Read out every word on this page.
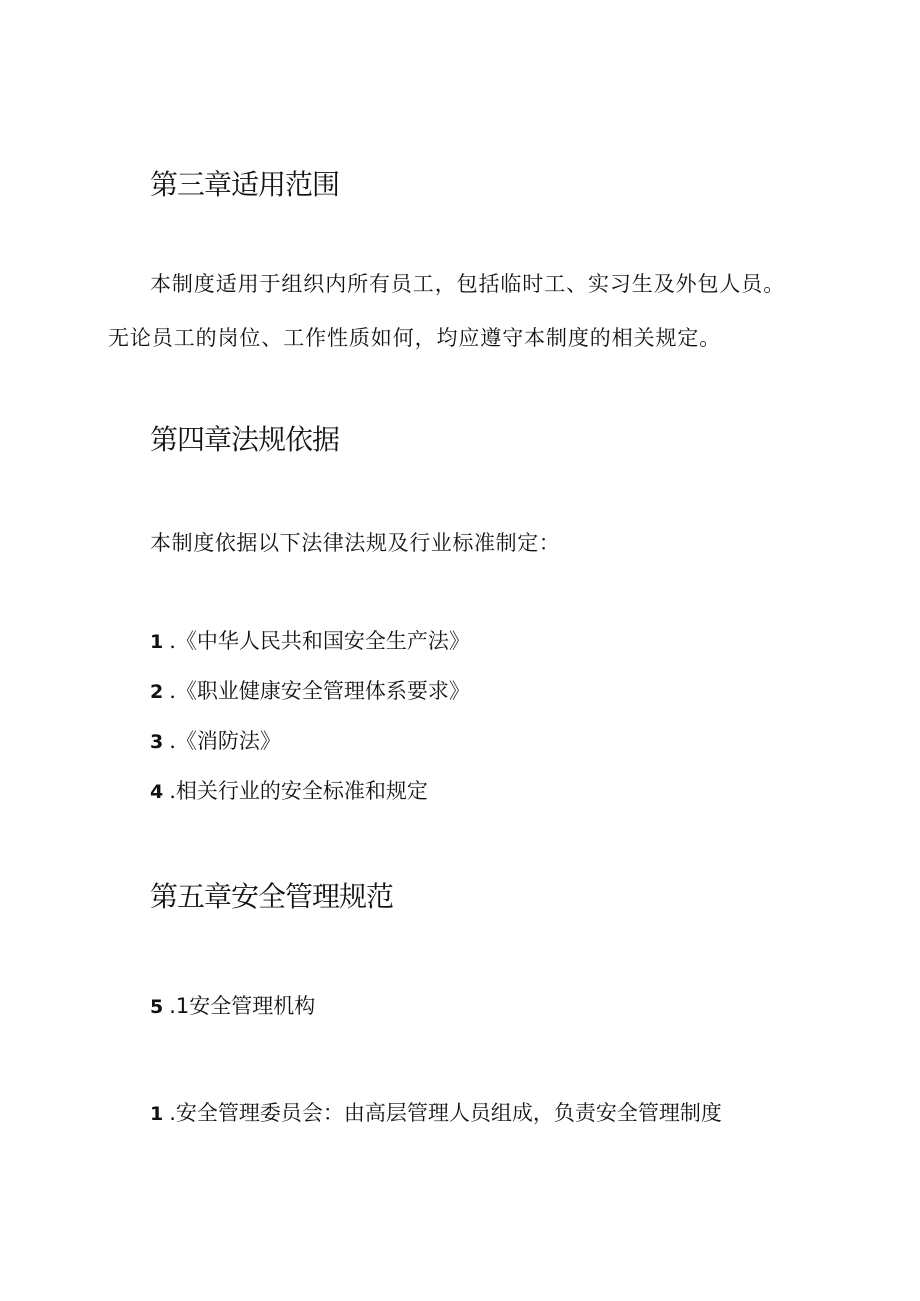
第三章适用范围

本制度适用于组织内所有员工，包括临时工、实习生及外包人员。无论员工的岗位、工作性质如何，均应遵守本制度的相关规定。

第四章法规依据

本制度依据以下法律法规及行业标准制定：

1.《中华人民共和国安全生产法》

2.《职业健康安全管理体系要求》

3.《消防法》

4.相关行业的安全标准和规定

第五章安全管理规范

5.1安全管理机构

1.安全管理委员会：由高层管理人员组成，负责安全管理制度
